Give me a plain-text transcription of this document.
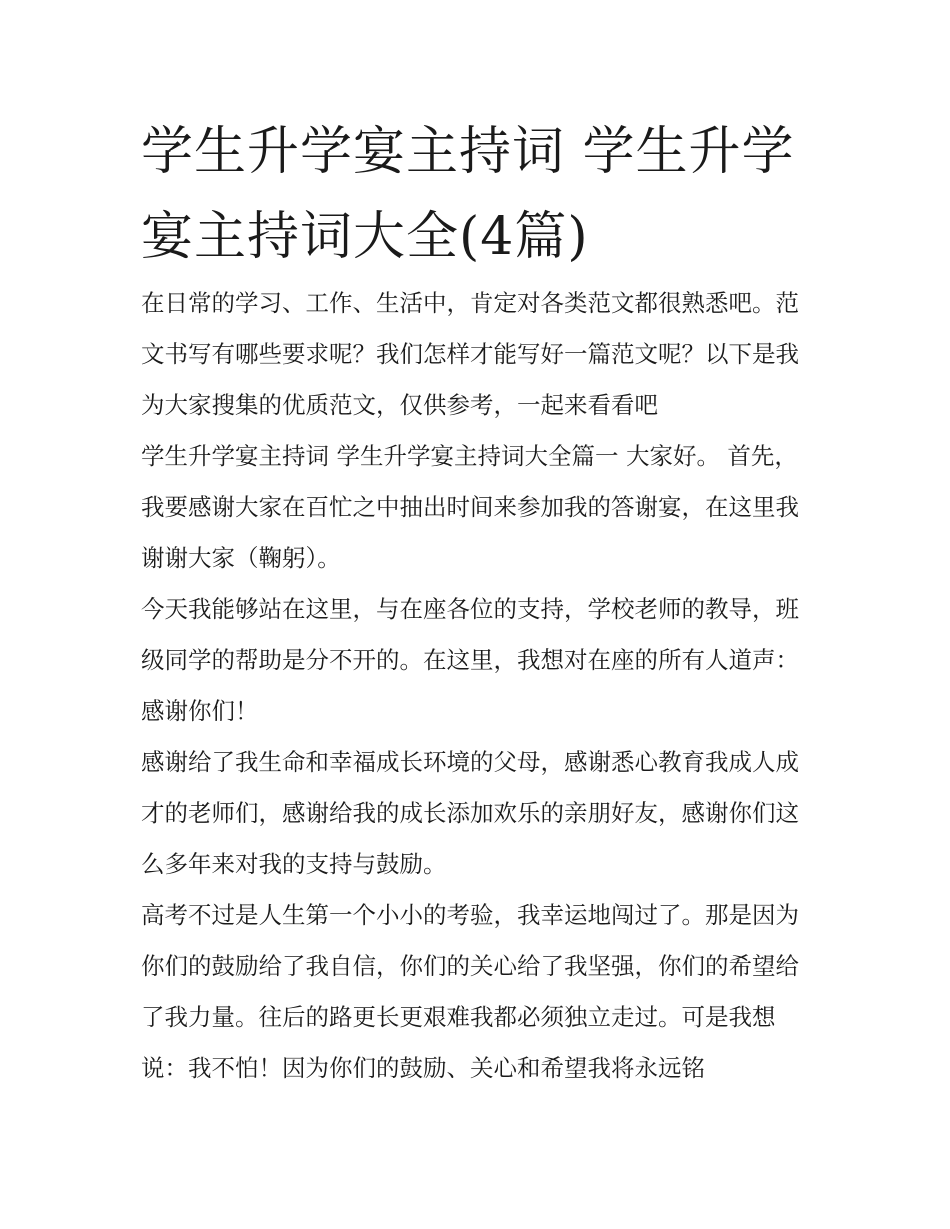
学生升学宴主持词 学生升学宴主持词大全(4篇)

在日常的学习、工作、生活中，肯定对各类范文都很熟悉吧。范文书写有哪些要求呢？我们怎样才能写好一篇范文呢？以下是我为大家搜集的优质范文，仅供参考，一起来看看吧

学生升学宴主持词 学生升学宴主持词大全篇一 大家好。 首先，我要感谢大家在百忙之中抽出时间来参加我的答谢宴，在这里我谢谢大家（鞠躬）。

今天我能够站在这里，与在座各位的支持，学校老师的教导，班级同学的帮助是分不开的。在这里，我想对在座的所有人道声：感谢你们！

感谢给了我生命和幸福成长环境的父母，感谢悉心教育我成人成才的老师们，感谢给我的成长添加欢乐的亲朋好友，感谢你们这么多年来对我的支持与鼓励。

高考不过是人生第一个小小的考验，我幸运地闯过了。那是因为你们的鼓励给了我自信，你们的关心给了我坚强，你们的希望给了我力量。往后的路更长更艰难我都必须独立走过。可是我想说：我不怕！因为你们的鼓励、关心和希望我将永远铭
